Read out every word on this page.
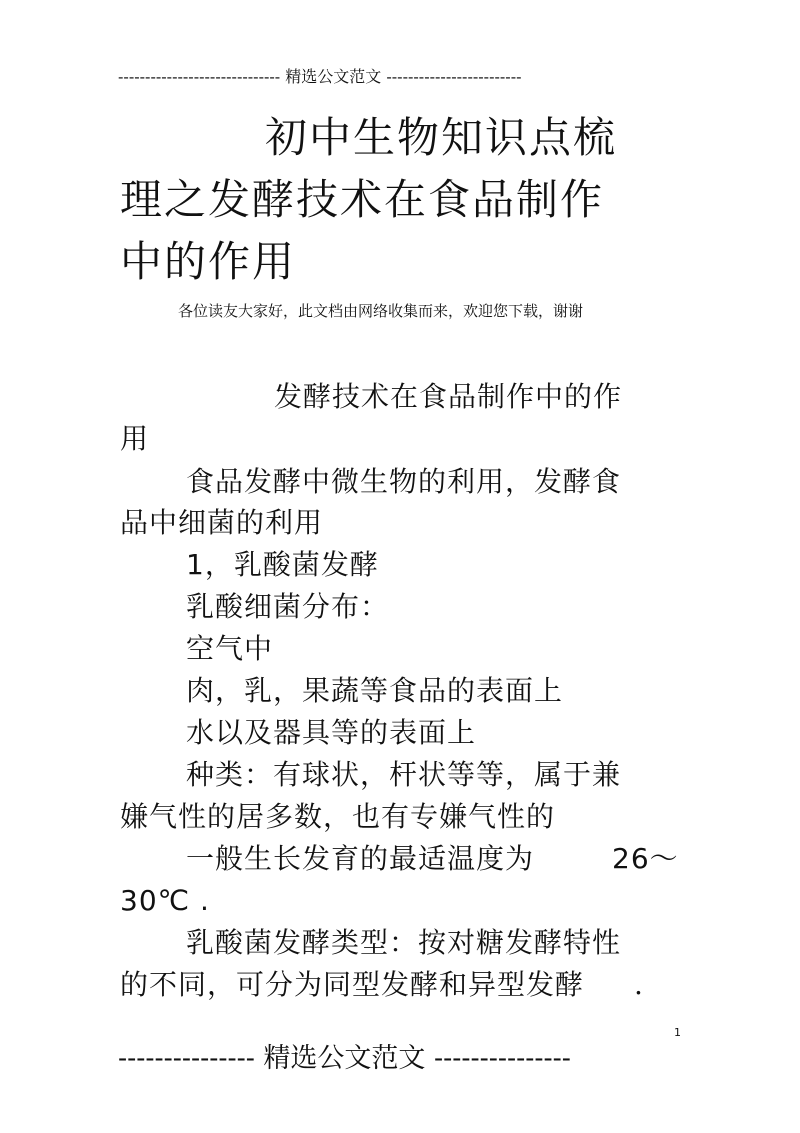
------------------------------ 精选公文范文 -------------------------
初中生物知识点梳
理之发酵技术在食品制作
中的作用
各位读友大家好，此文档由网络收集而来，欢迎您下载，谢谢
发酵技术在食品制作中的作
用
食品发酵中微生物的利用，发酵食
品中细菌的利用
1，乳酸菌发酵
乳酸细菌分布：
空气中
肉，乳，果蔬等食品的表面上
水以及器具等的表面上
种类：有球状，杆状等等，属于兼
嫌气性的居多数，也有专嫌气性的
一般生长发育的最适温度为	26～
30℃ .
乳酸菌发酵类型：按对糖发酵特性
的不同，可分为同型发酵和异型发酵 .
1
--------------- 精选公文范文 ---------------
